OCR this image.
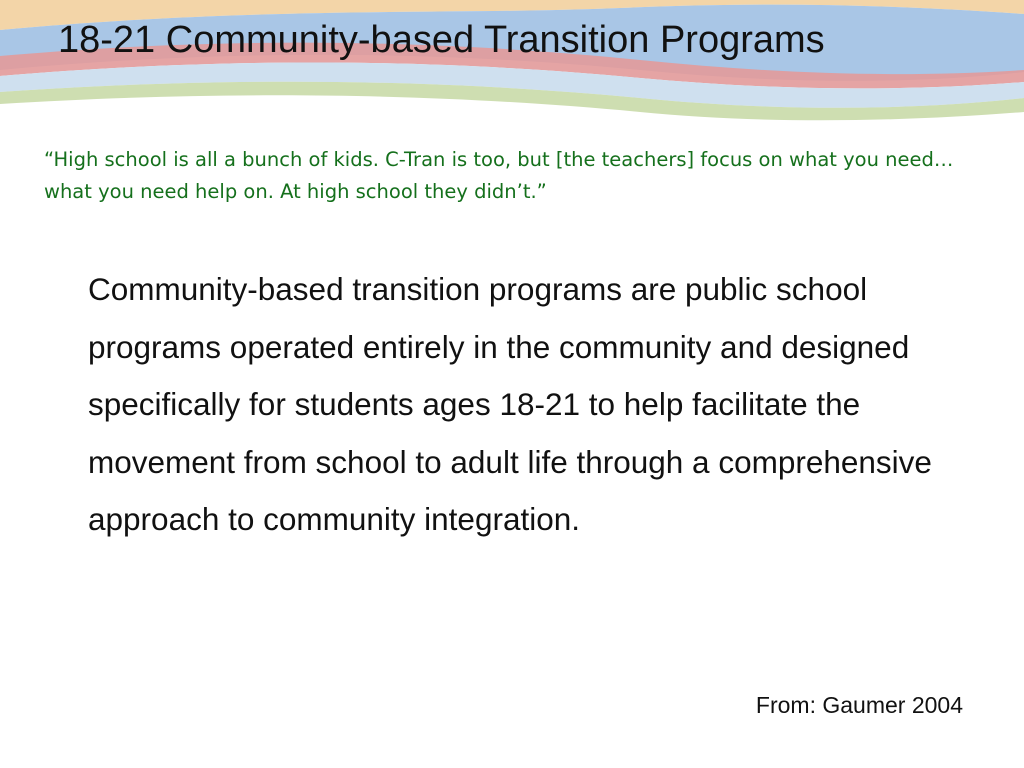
18-21 Community-based Transition Programs

“High school is all a bunch of kids. C-Tran is too, but [the teachers] focus on what you need…what you need help on. At high school they didn’t.”

Community-based transition programs are public school programs operated entirely in the community and designed specifically for students ages 18-21 to help facilitate the movement from school to adult life through a comprehensive approach to community integration.

From: Gaumer 2004
